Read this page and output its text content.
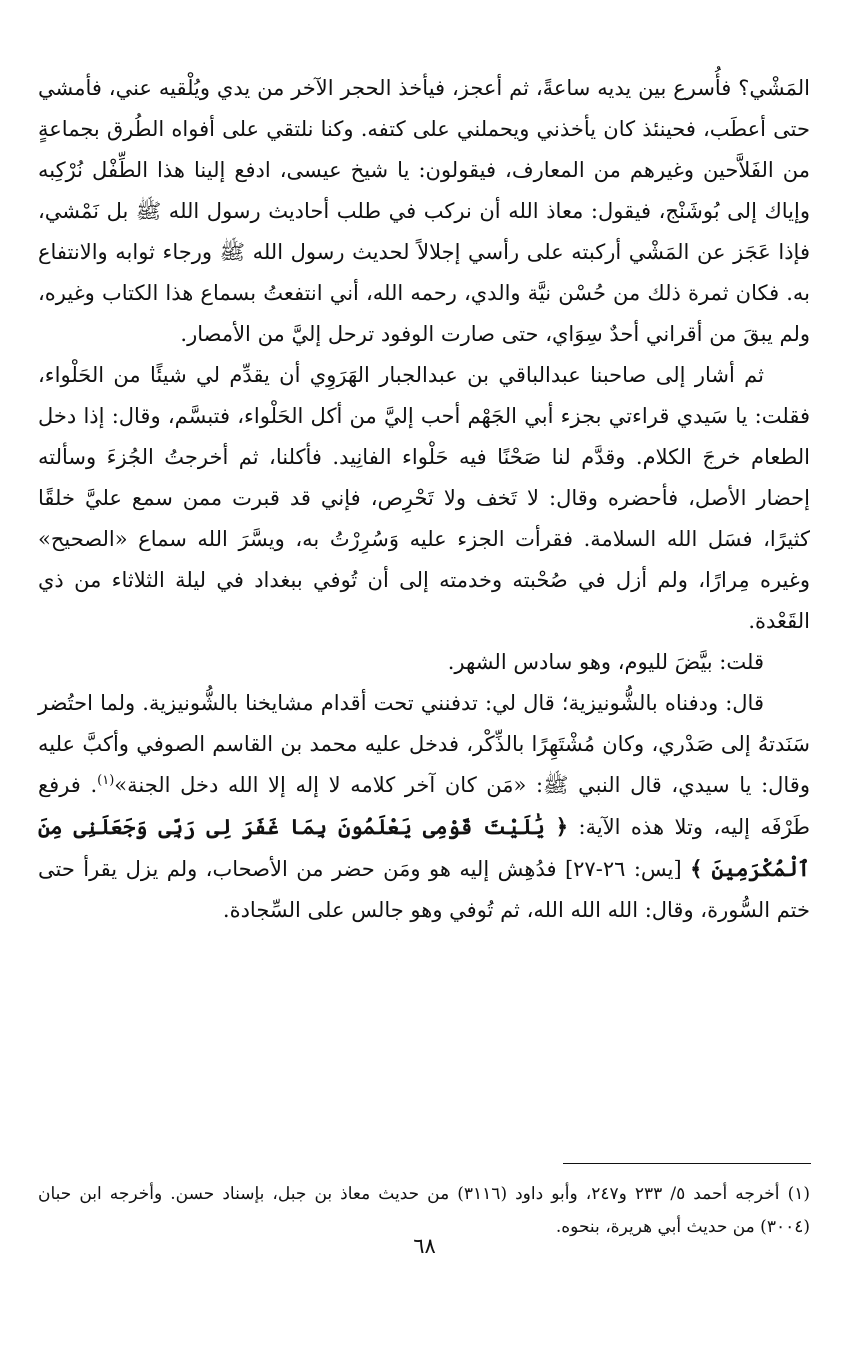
المَشْي؟ فأُسرع بين يديه ساعةً، ثم أعجز، فيأخذ الحجر الآخر من يدي ويُلْقيه عني، فأمشي حتى أعطَب، فحينئذ كان يأخذني ويحملني على كتفه. وكنا نلتقي على أفواه الطُرق بجماعةٍ من الفَلاَّحين وغيرهم من المعارف، فيقولون: يا شيخ عيسى، ادفع إلينا هذا الطِّفْل نُرْكِبه وإياك إلى بُوشَنْج، فيقول: معاذ الله أن نركب في طلب أحاديث رسول الله ﷺ بل نَمْشي، فإذا عَجَز عن المَشْي أركبته على رأسي إجلالاً لحديث رسول الله ﷺ ورجاء ثوابه والانتفاع به. فكان ثمرة ذلك من حُسْن نيَّة والدي، رحمه الله، أني انتفعتُ بسماع هذا الكتاب وغيره، ولم يبقَ من أقراني أحدٌ سِوَاي، حتى صارت الوفود ترحل إليَّ من الأمصار.

ثم أشار إلى صاحبنا عبدالباقي بن عبدالجبار الهَرَوِي أن يقدِّم لي شيئًا من الحَلْواء، فقلت: يا سَيدي قراءتي بجزء أبي الجَهْم أحب إليَّ من أكل الحَلْواء، فتبسَّم، وقال: إذا دخل الطعام خرجَ الكلام. وقدَّم لنا صَحْنًا فيه حَلْواء الفانِيد. فأكلنا، ثم أخرجتُ الجُزءَ وسألته إحضار الأصل، فأحضره وقال: لا تَخف ولا تَحْرِص، فإني قد قبرت ممن سمع عليَّ خلقًا كثيرًا، فسَل الله السلامة. فقرأت الجزء عليه وَسُرِرْتُ به، ويسَّرَ الله سماع «الصحيح» وغيره مِرارًا، ولم أزل في صُحْبته وخدمته إلى أن تُوفي ببغداد في ليلة الثلاثاء من ذي القَعْدة.

قلت: بيَّضَ لليوم، وهو سادس الشهر.

قال: ودفناه بالشُّونيزية؛ قال لي: تدفنني تحت أقدام مشايخنا بالشُّونيزية. ولما احتُضر سَنَدتهُ إلى صَدْري، وكان مُشْتَهِرًا بالذِّكْر، فدخل عليه محمد بن القاسم الصوفي وأكبَّ عليه وقال: يا سيدي، قال النبي ﷺ: «مَن كان آخر كلامه لا إله إلا الله دخل الجنة»$^{(١)}$. فرفع طَرْفَه إليه، وتلا هذه الآية: ﴿ يَٰلَيْتَ قَوْمِى يَعْلَمُونَ بِمَا غَفَرَ لِى رَبِّى وَجَعَلَنِى مِنَ ٱلْمُكْرَمِينَ ﴾ [يس: ٢٦-٢٧] فدُهِش إليه هو ومَن حضر من الأصحاب، ولم يزل يقرأ حتى ختم السُّورة، وقال: الله الله الله، ثم تُوفي وهو جالس على السِّجادة.

(١) أخرجه أحمد ٥/ ٢٣٣ و٢٤٧، وأبو داود (٣١١٦) من حديث معاذ بن جبل، بإسناد حسن. وأخرجه ابن حبان (٣٠٠٤) من حديث أبي هريرة، بنحوه.

٦٨
